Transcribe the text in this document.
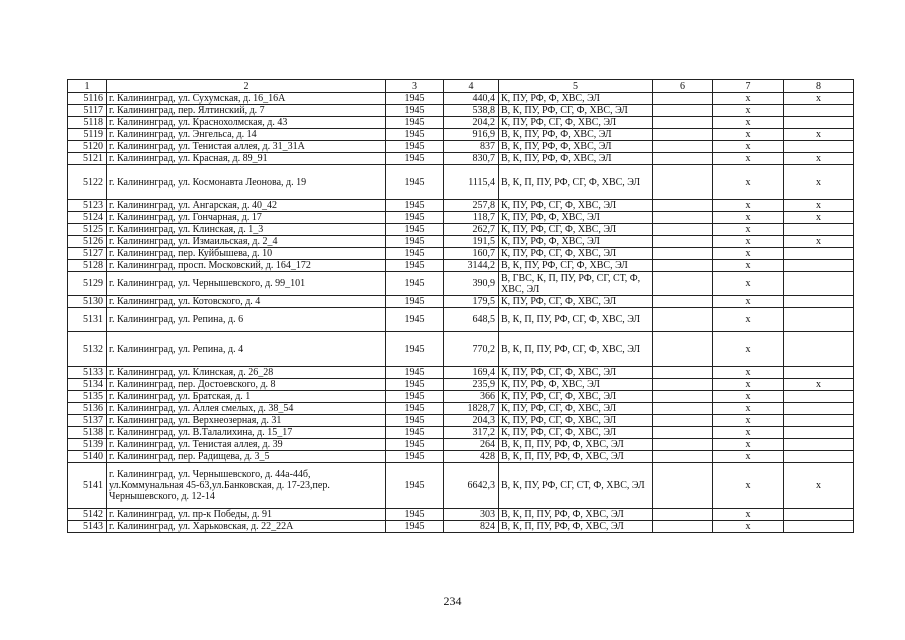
1	2	3	4	5	6	7	8
5116	г. Калининград, ул. Сухумская, д. 16_16А	1945	440,4	К, ПУ, РФ, Ф, ХВС, ЭЛ		х	х
5117	г. Калининград, пер. Ялтинский, д. 7	1945	538,8	В, К, ПУ, РФ, СГ, Ф, ХВС, ЭЛ		х	
5118	г. Калининград, ул. Краснохолмская, д. 43	1945	204,2	К, ПУ, РФ, СГ, Ф, ХВС, ЭЛ		х	
5119	г. Калининград, ул. Энгельса, д. 14	1945	916,9	В, К, ПУ, РФ, Ф, ХВС, ЭЛ		х	х
5120	г. Калининград, ул. Тенистая аллея, д. 31_31А	1945	837	В, К, ПУ, РФ, Ф, ХВС, ЭЛ		х	
5121	г. Калининград, ул. Красная, д. 89_91	1945	830,7	В, К, ПУ, РФ, Ф, ХВС, ЭЛ		х	х
5122	г. Калининград, ул. Космонавта Леонова, д. 19	1945	1115,4	В, К, П, ПУ, РФ, СГ, Ф, ХВС, ЭЛ		х	х
5123	г. Калининград, ул. Ангарская, д. 40_42	1945	257,8	К, ПУ, РФ, СГ, Ф, ХВС, ЭЛ		х	х
5124	г. Калининград, ул. Гончарная, д. 17	1945	118,7	К, ПУ, РФ, Ф, ХВС, ЭЛ		х	х
5125	г. Калининград, ул. Клинская, д. 1_3	1945	262,7	К, ПУ, РФ, СГ, Ф, ХВС, ЭЛ		х	
5126	г. Калининград, ул. Измаильская, д. 2_4	1945	191,5	К, ПУ, РФ, Ф, ХВС, ЭЛ		х	х
5127	г. Калининград, пер. Куйбышева, д. 10	1945	160,7	К, ПУ, РФ, СГ, Ф, ХВС, ЭЛ		х	
5128	г. Калининград, просп. Московский, д. 164_172	1945	3144,2	В, К, ПУ, РФ, СГ, Ф, ХВС, ЭЛ		х	
5129	г. Калининград, ул. Чернышевского, д. 99_101	1945	390,9	В, ГВС, К, П, ПУ, РФ, СГ, СТ, Ф, ХВС, ЭЛ		х	
5130	г. Калининград, ул. Котовского, д. 4	1945	179,5	К, ПУ, РФ, СГ, Ф, ХВС, ЭЛ		х	
5131	г. Калининград, ул. Репина, д. 6	1945	648,5	В, К, П, ПУ, РФ, СГ, Ф, ХВС, ЭЛ		х	
5132	г. Калининград, ул. Репина, д. 4	1945	770,2	В, К, П, ПУ, РФ, СГ, Ф, ХВС, ЭЛ		х	
5133	г. Калининград, ул. Клинская, д. 26_28	1945	169,4	К, ПУ, РФ, СГ, Ф, ХВС, ЭЛ		х	
5134	г. Калининград, пер. Достоевского, д. 8	1945	235,9	К, ПУ, РФ, Ф, ХВС, ЭЛ		х	х
5135	г. Калининград, ул. Братская, д. 1	1945	366	К, ПУ, РФ, СГ, Ф, ХВС, ЭЛ		х	
5136	г. Калининград, ул. Аллея смелых, д. 38_54	1945	1828,7	К, ПУ, РФ, СГ, Ф, ХВС, ЭЛ		х	
5137	г. Калининград, ул. Верхнеозерная, д. 31	1945	204,3	К, ПУ, РФ, СГ, Ф, ХВС, ЭЛ		х	
5138	г. Калининград, ул. В.Талалихина, д. 15_17	1945	317,2	К, ПУ, РФ, СГ, Ф, ХВС, ЭЛ		х	
5139	г. Калининград, ул. Тенистая аллея, д. 39	1945	264	В, К, П, ПУ, РФ, Ф, ХВС, ЭЛ		х	
5140	г. Калининград, пер. Радищева, д. 3_5	1945	428	В, К, П, ПУ, РФ, Ф, ХВС, ЭЛ		х	
5141	г. Калининград, ул. Чернышевского, д. 44а-44б, ул.Коммунальная 45-63,ул.Банковская, д. 17-23,пер. Чернышевского, д. 12-14	1945	6642,3	В, К, ПУ, РФ, СГ, СТ, Ф, ХВС, ЭЛ		х	х
5142	г. Калининград, ул. пр-к Победы, д. 91	1945	303	В, К, П, ПУ, РФ, Ф, ХВС, ЭЛ		х	
5143	г. Калининград, ул. Харьковская, д. 22_22А	1945	824	В, К, П, ПУ, РФ, Ф, ХВС, ЭЛ		х	
234
